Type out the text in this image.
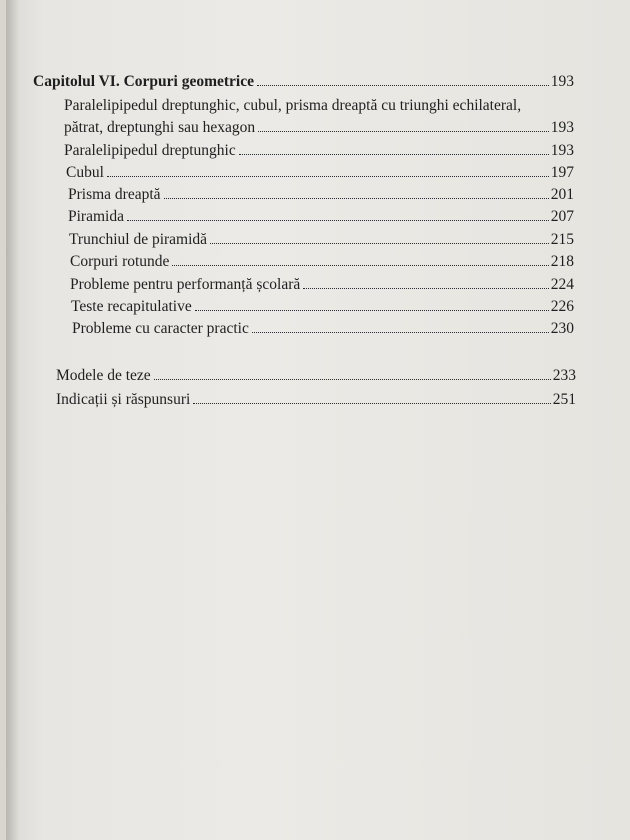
Capitolul VI. Corpuri geometrice	193
Paralelipipedul dreptunghic, cubul, prisma dreaptă cu triunghi echilateral,
pătrat, dreptunghi sau hexagon	193
Paralelipipedul dreptunghic	193
Cubul	197
Prisma dreaptă	201
Piramida	207
Trunchiul de piramidă	215
Corpuri rotunde	218
Probleme pentru performanță școlară	224
Teste recapitulative	226
Probleme cu caracter practic	230
Modele de teze	233
Indicații și răspunsuri	251
